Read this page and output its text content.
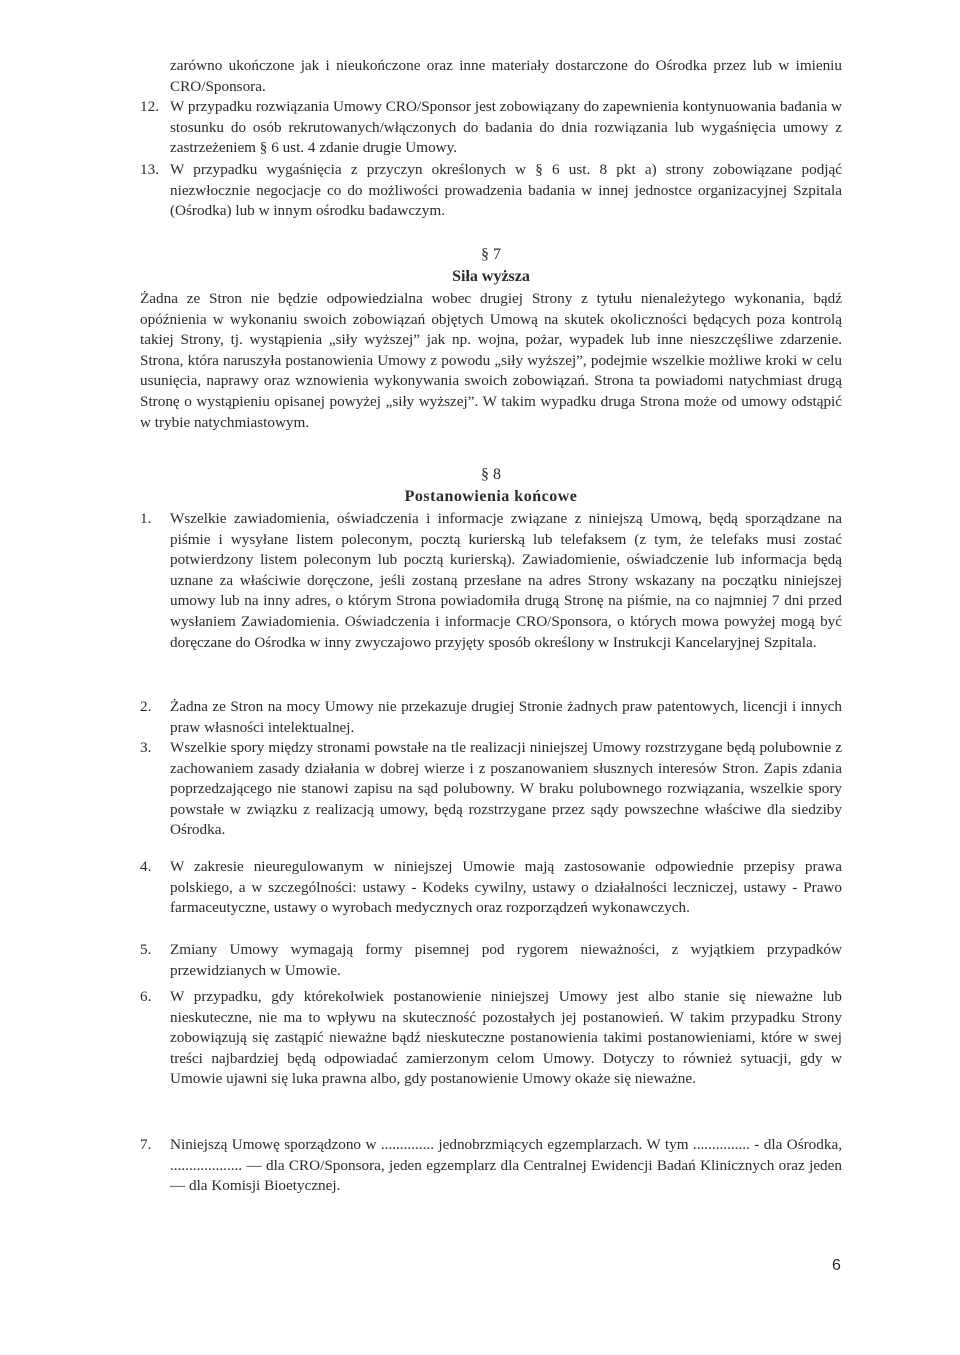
zarówno ukończone jak i nieukończone oraz inne materiały dostarczone do Ośrodka przez lub w imieniu CRO/Sponsora.
12. W przypadku rozwiązania Umowy CRO/Sponsor jest zobowiązany do zapewnienia kontynuowania badania w stosunku do osób rekrutowanych/włączonych do badania do dnia rozwiązania lub wygaśnięcia umowy z zastrzeżeniem § 6 ust. 4 zdanie drugie Umowy.
13. W przypadku wygaśnięcia z przyczyn określonych w § 6 ust. 8 pkt a) strony zobowiązane podjąć niezwłocznie negocjacje co do możliwości prowadzenia badania w innej jednostce organizacyjnej Szpitala (Ośrodka) lub w innym ośrodku badawczym.
§ 7
Siła wyższa
Żadna ze Stron nie będzie odpowiedzialna wobec drugiej Strony z tytułu nienależytego wykonania, bądź opóźnienia w wykonaniu swoich zobowiązań objętych Umową na skutek okoliczności będących poza kontrolą takiej Strony, tj. wystąpienia „siły wyższej” jak np. wojna, pożar, wypadek lub inne nieszczęśliwe zdarzenie. Strona, która naruszyła postanowienia Umowy z powodu „siły wyższej”, podejmie wszelkie możliwe kroki w celu usunięcia, naprawy oraz wznowienia wykonywania swoich zobowiązań. Strona ta powiadomi natychmiast drugą Stronę o wystąpieniu opisanej powyżej „siły wyższej”. W takim wypadku druga Strona może od umowy odstąpić w trybie natychmiastowym.
§ 8
Postanowienia końcowe
1.	Wszelkie zawiadomienia, oświadczenia i informacje związane z niniejszą Umową, będą sporządzane na piśmie i wysyłane listem poleconym, pocztą kurierską lub telefaksem (z tym, że telefaks musi zostać potwierdzony listem poleconym lub pocztą kurierską). Zawiadomienie, oświadczenie lub informacja będą uznane za właściwie doręczone, jeśli zostaną przesłane na adres Strony wskazany na początku niniejszej umowy lub na inny adres, o którym Strona powiadomiła drugą Stronę na piśmie, na co najmniej 7 dni przed wysłaniem Zawiadomienia. Oświadczenia i informacje CRO/Sponsora, o których mowa powyżej mogą być doręczane do Ośrodka w inny zwyczajowo przyjęty sposób określony w Instrukcji Kancelaryjnej Szpitala.
2.	Żadna ze Stron na mocy Umowy nie przekazuje drugiej Stronie żadnych praw patentowych, licencji i innych praw własności intelektualnej.
3.	Wszelkie spory między stronami powstałe na tle realizacji niniejszej Umowy rozstrzygane będą polubownie z zachowaniem zasady działania w dobrej wierze i z poszanowaniem słusznych interesów Stron. Zapis zdania poprzedzającego nie stanowi zapisu na sąd polubowny. W braku polubownego rozwiązania, wszelkie spory powstałe w związku z realizacją umowy, będą rozstrzygane przez sądy powszechne właściwe dla siedziby Ośrodka.
4.	W zakresie nieuregulowanym w niniejszej Umowie mają zastosowanie odpowiednie przepisy prawa polskiego, a w szczególności: ustawy - Kodeks cywilny, ustawy o działalności leczniczej, ustawy - Prawo farmaceutyczne, ustawy o wyrobach medycznych oraz rozporządzeń wykonawczych.
5.	Zmiany Umowy wymagają formy pisemnej pod rygorem nieważności, z wyjątkiem przypadków przewidzianych w Umowie.
6.	W przypadku, gdy którekolwiek postanowienie niniejszej Umowy jest albo stanie się nieważne lub nieskuteczne, nie ma to wpływu na skuteczność pozostałych jej postanowień. W takim przypadku Strony zobowiązują się zastąpić nieważne bądź nieskuteczne postanowienia takimi postanowieniami, które w swej treści najbardziej będą odpowiadać zamierzonym celom Umowy. Dotyczy to również sytuacji, gdy w Umowie ujawni się luka prawna albo, gdy postanowienie Umowy okaże się nieważne.
7.	Niniejszą Umowę sporządzono w .............. jednobrzmiących egzemplarzach. W tym ............... - dla Ośrodka, ................... — dla CRO/Sponsora, jeden egzemplarz dla Centralnej Ewidencji Badań Klinicznych oraz jeden — dla Komisji Bioetycznej.
6
